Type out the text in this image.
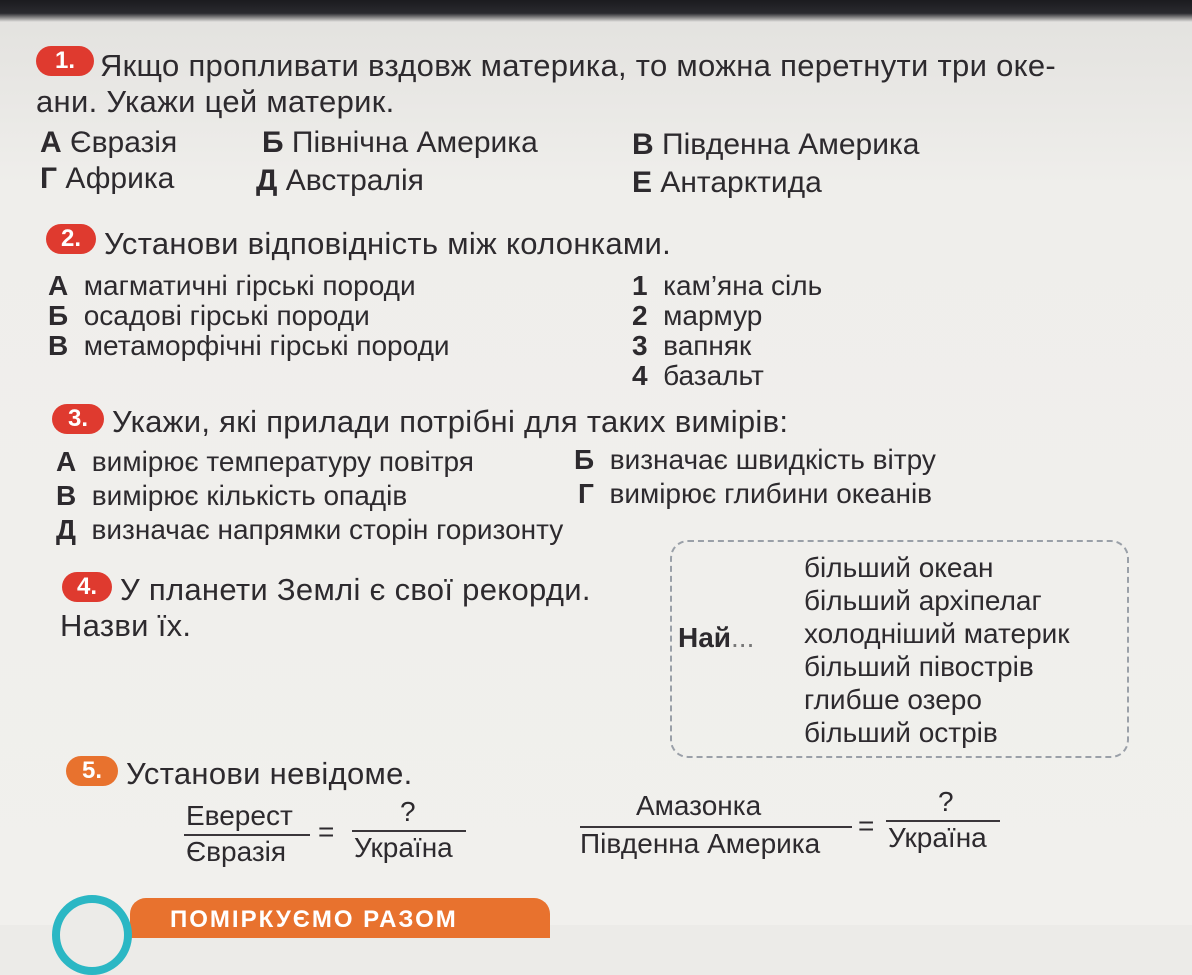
1. Якщо пропливати вздовж материка, то можна перетнути три оке-
ани. Укажи цей материк.
А Євразія	Б Північна Америка	В Південна Америка
Г Африка	Д Австралія	Е Антарктида
2. Установи відповідність між колонками.
А магматичні гірські породи
Б осадові гірські породи
В метаморфічні гірські породи
1 кам’яна сіль
2 мармур
3 вапняк
4 базальт
3. Укажи, які прилади потрібні для таких вимірів:
А вимірює температуру повітря	Б визначає швидкість вітру
В вимірює кількість опадів	Г вимірює глибини океанів
Д визначає напрямки сторін горизонту
4. У планети Землі є свої рекорди.
Назви їх.	Най...
більший океан
більший архіпелаг
холодніший материк
більший півострів
глибше озеро
більший острів
5. Установи невідоме.
Еверест
Євразія
=
?
Україна
Амазонка
Південна Америка
=
?
Україна
ПОМІРКУЄМО РАЗОМ
